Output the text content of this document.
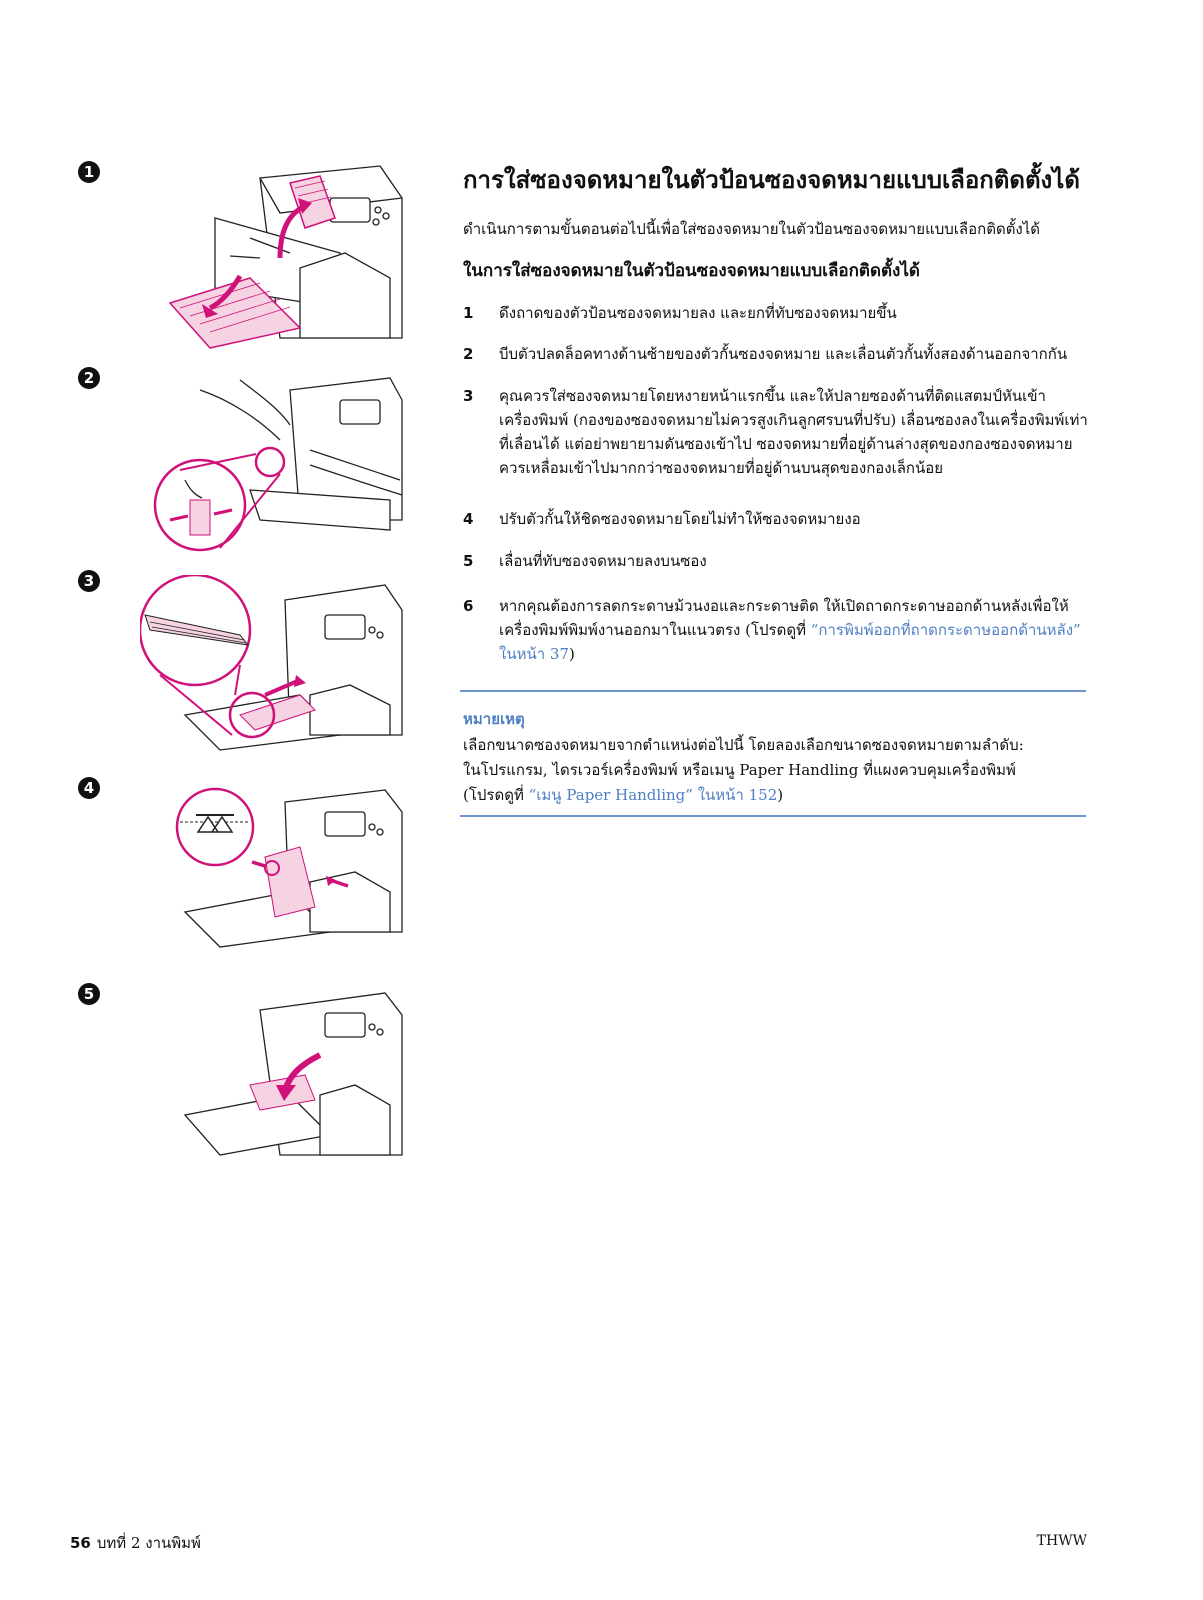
1
2
3
4
5
การใส่ซองจดหมายในตัวป้อนซองจดหมายแบบเลือกติดตั้งได้

ดำเนินการตามขั้นตอนต่อไปนี้เพื่อใส่ซองจดหมายในตัวป้อนซองจดหมายแบบเลือกติดตั้งได้

ในการใส่ซองจดหมายในตัวป้อนซองจดหมายแบบเลือกติดตั้งได้
1 ดึงถาดของตัวป้อนซองจดหมายลง และยกที่ทับซองจดหมายขึ้น
2 บีบตัวปลดล็อคทางด้านซ้ายของตัวกั้นซองจดหมาย และเลื่อนตัวกั้นทั้งสองด้านออกจากกัน
3 คุณควรใส่ซองจดหมายโดยหงายหน้าแรกขึ้น และให้ปลายซองด้านที่ติดแสตมป์หันเข้าเครื่องพิมพ์ (กองของซองจดหมายไม่ควรสูงเกินลูกศรบนที่ปรับ) เลื่อนซองลงในเครื่องพิมพ์เท่าที่เลื่อนได้ แต่อย่าพยายามดันซองเข้าไป ซองจดหมายที่อยู่ด้านล่างสุดของกองซองจดหมายควรเหลื่อมเข้าไปมากกว่าซองจดหมายที่อยู่ด้านบนสุดของกองเล็กน้อย
4 ปรับตัวกั้นให้ชิดซองจดหมายโดยไม่ทำให้ซองจดหมายงอ
5 เลื่อนที่ทับซองจดหมายลงบนซอง
6 หากคุณต้องการลดกระดาษม้วนงอและกระดาษติด ให้เปิดถาดกระดาษออกด้านหลังเพื่อให้เครื่องพิมพ์พิมพ์งานออกมาในแนวตรง (โปรดดูที่ “การพิมพ์ออกที่ถาดกระดาษออกด้านหลัง” ในหน้า 37)
หมายเหตุ
เลือกขนาดซองจดหมายจากตำแหน่งต่อไปนี้ โดยลองเลือกขนาดซองจดหมายตามลำดับ:
ในโปรแกรม, ไดรเวอร์เครื่องพิมพ์ หรือเมนู Paper Handling ที่แผงควบคุมเครื่องพิมพ์
(โปรดดูที่ “เมนู Paper Handling” ในหน้า 152)
56 บทที่ 2 งานพิมพ์	THWW
